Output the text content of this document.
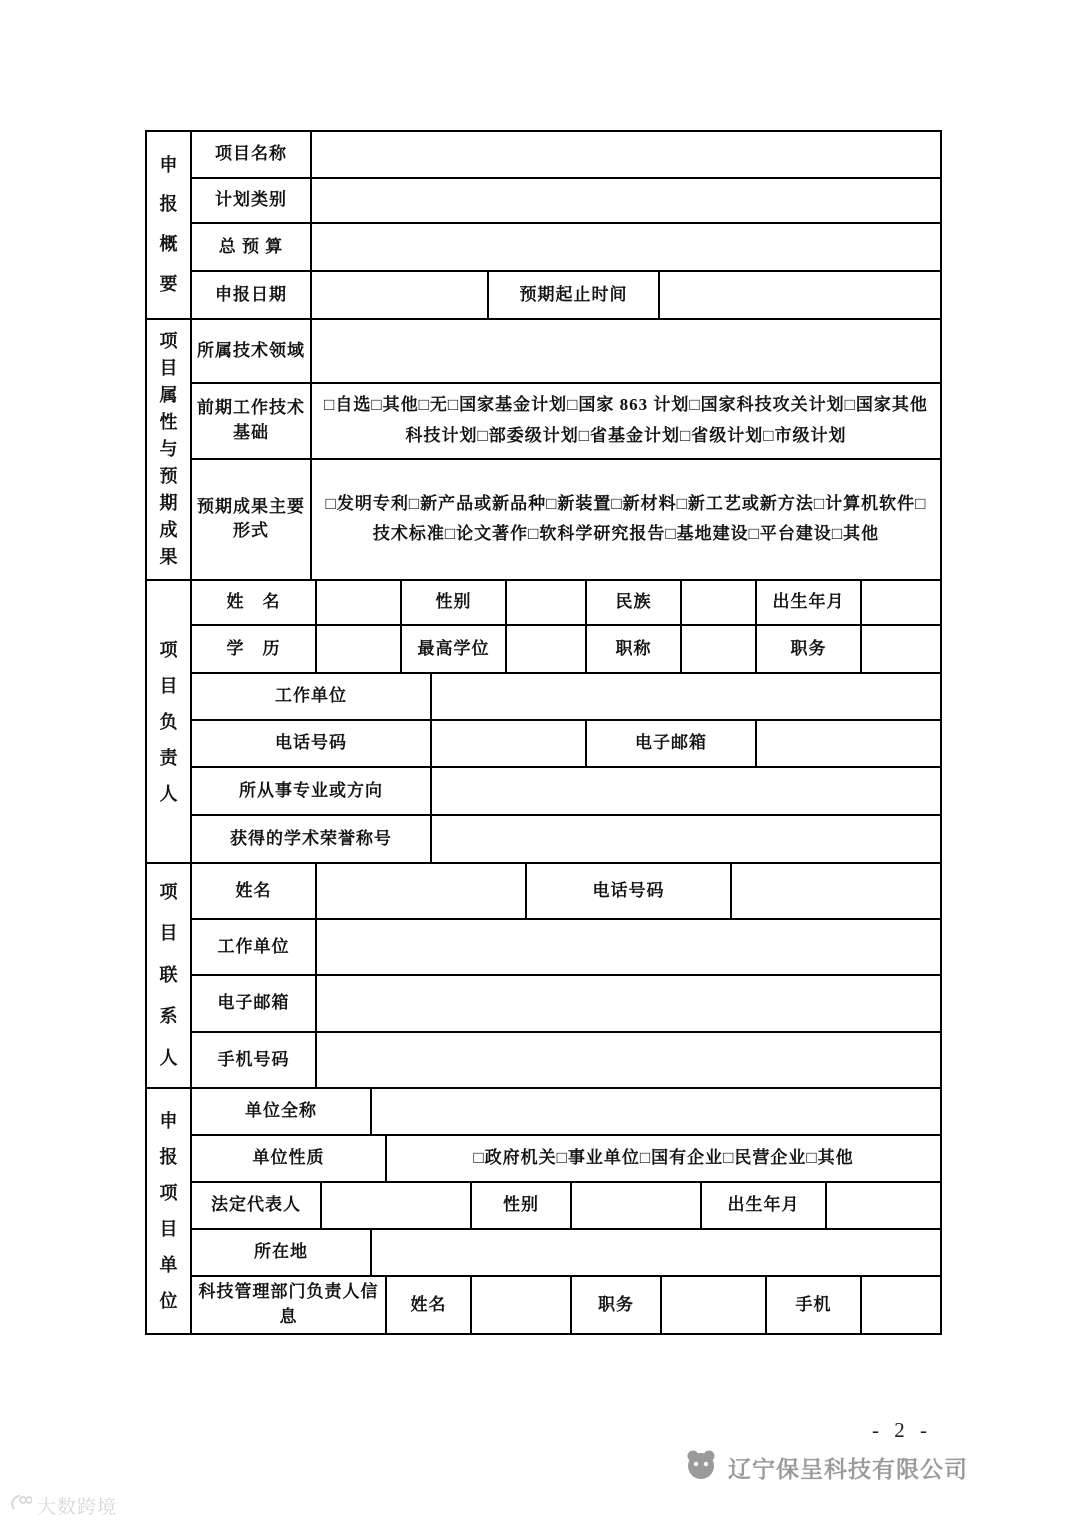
申报概要	项目名称			
	计划类别			
	总 预 算			
	申报日期		预期起止时间	
项目属性与预期成果	所属技术领域	
	前期工作技术基础	□自选□其他□无□国家基金计划□国家 863 计划□国家科技攻关计划□国家其他科技计划□部委级计划□省基金计划□省级计划□市级计划
	预期成果主要形式	□发明专利□新产品或新品种□新装置□新材料□新工艺或新方法□计算机软件□技术标准□论文著作□软科学研究报告□基地建设□平台建设□其他
项目负责人	姓　名		性别			民族		出生年月	
	学　历		最高学位			职称		职务	
	工作单位								
	电话号码					电子邮箱			
	所从事专业或方向								
	获得的学术荣誉称号								
项目联系人	姓名		电话号码	
	工作单位			
	电子邮箱			
	手机号码			
申报项目单位	单位全称										
	单位性质			□政府机关□事业单位□国有企业□民营企业□其他							
	法定代表人				性别			出生年月			
	所在地										
	科技管理部门负责人信息			姓名		职务			手机		
- 2 -
辽宁保呈科技有限公司
大数跨境
